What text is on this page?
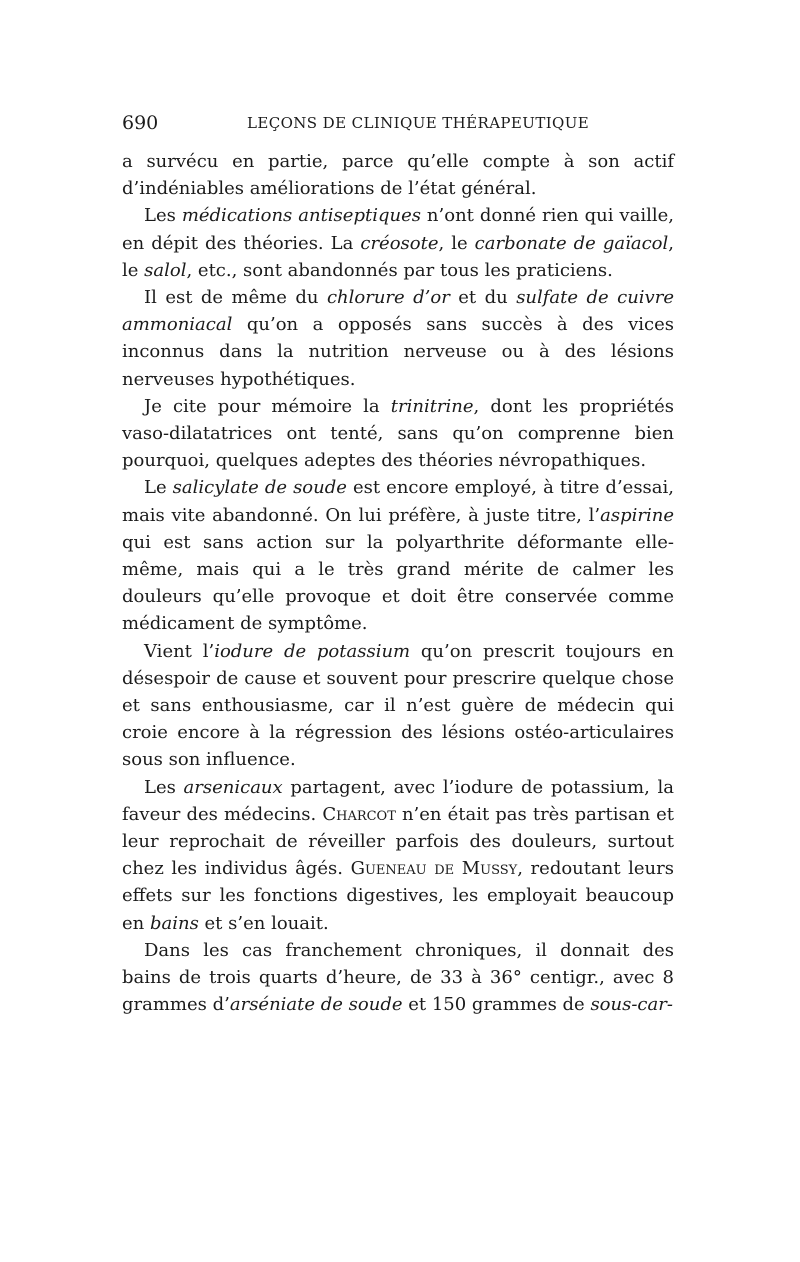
690	LEÇONS DE CLINIQUE THÉRAPEUTIQUE

a survécu en partie, parce qu’elle compte à son actif d’indéniables améliorations de l’état général.

Les médications antiseptiques n’ont donné rien qui vaille, en dépit des théories. La créosote, le carbonate de gaïacol, le salol, etc., sont abandonnés par tous les praticiens.

Il est de même du chlorure d’or et du sulfate de cuivre ammoniacal qu’on a opposés sans succès à des vices inconnus dans la nutrition nerveuse ou à des lésions nerveuses hypothétiques.

Je cite pour mémoire la trinitrine, dont les propriétés vaso-dilatatrices ont tenté, sans qu’on comprenne bien pourquoi, quelques adeptes des théories névropathiques.

Le salicylate de soude est encore employé, à titre d’essai, mais vite abandonné. On lui préfère, à juste titre, l’aspirine qui est sans action sur la polyarthrite déformante elle-même, mais qui a le très grand mérite de calmer les douleurs qu’elle provoque et doit être conservée comme médicament de symptôme.

Vient l’iodure de potassium qu’on prescrit toujours en désespoir de cause et souvent pour prescrire quelque chose et sans enthousiasme, car il n’est guère de médecin qui croie encore à la régression des lésions ostéo-articulaires sous son influence.

Les arsenicaux partagent, avec l’iodure de potassium, la faveur des médecins. Charcot n’en était pas très partisan et leur reprochait de réveiller parfois des douleurs, surtout chez les individus âgés. Gueneau de Mussy, redoutant leurs effets sur les fonctions digestives, les employait beaucoup en bains et s’en louait.

Dans les cas franchement chroniques, il donnait des bains de trois quarts d’heure, de 33 à 36° centigr., avec 8 grammes d’arséniate de soude et 150 grammes de sous-car-
